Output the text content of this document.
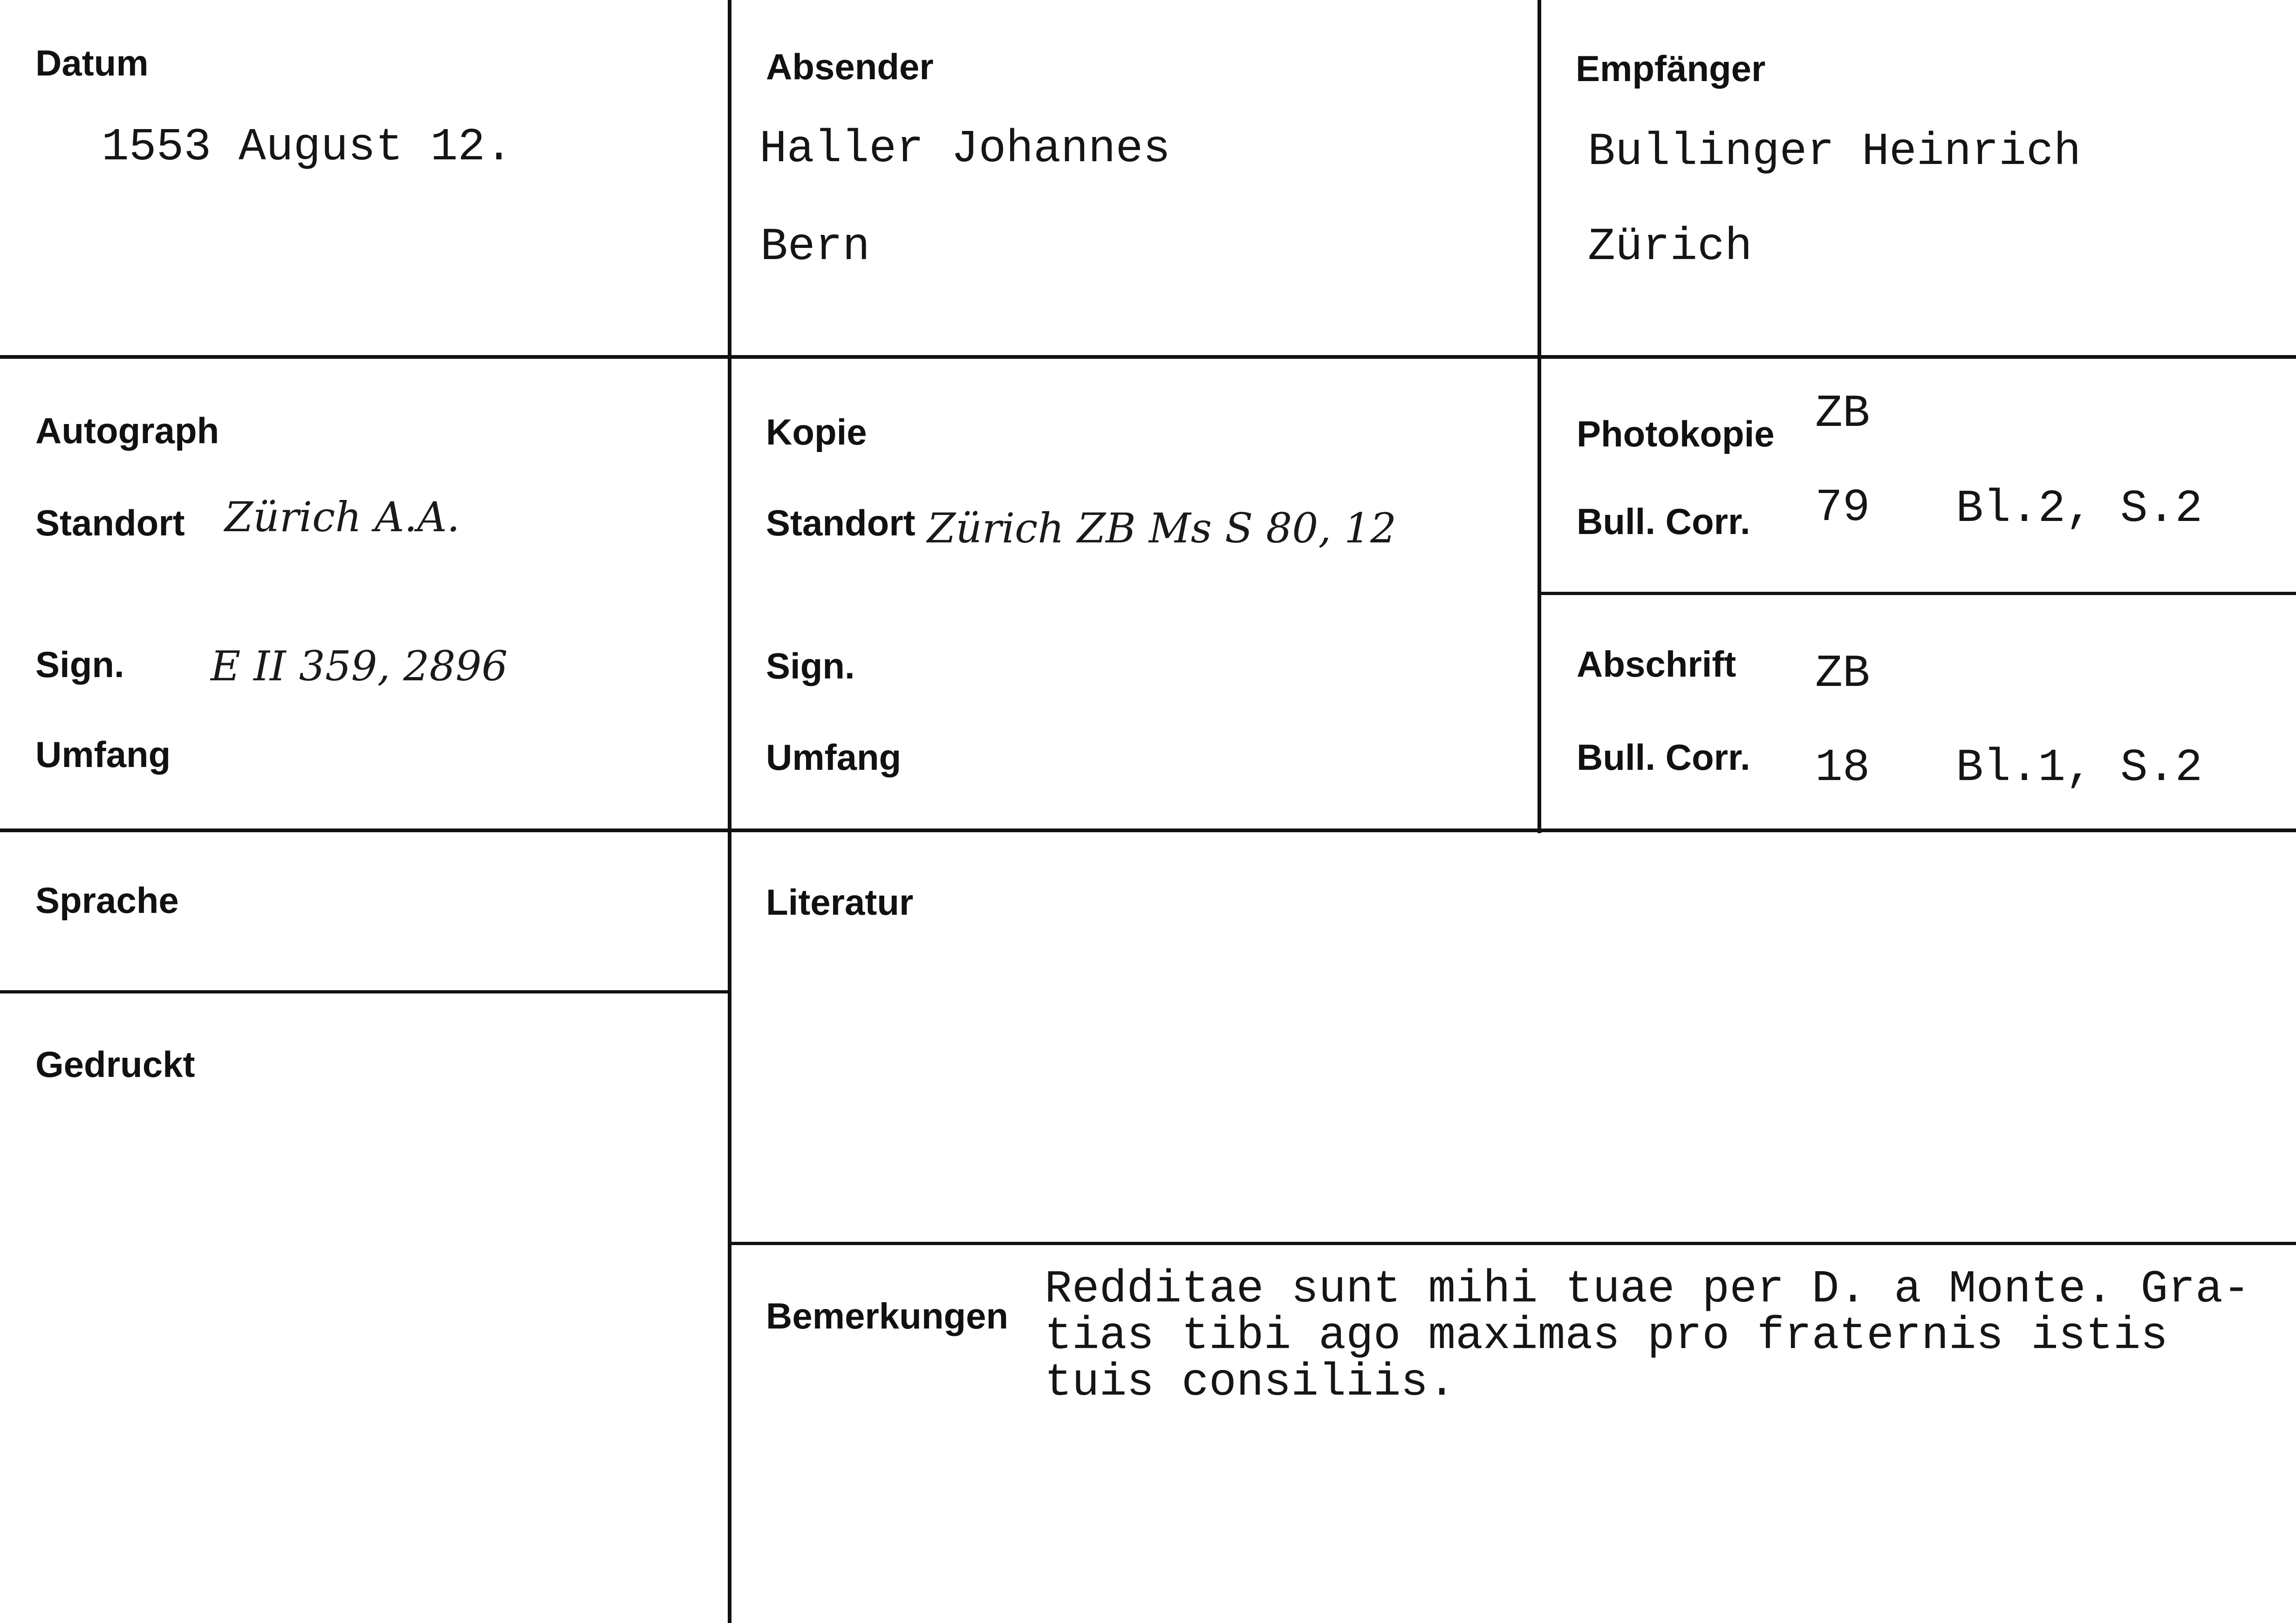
Datum
1553 August 12.
Absender
Haller Johannes
Bern
Empfänger
Bullinger Heinrich
Zürich
Autograph
Standort Zürich A.A.
Sign. E II 359, 2896
Umfang
Kopie
Standort Zürich ZB Ms S 80, 12
Sign.
Umfang
Photokopie ZB
Bull. Corr. 79 Bl.2, S.2
Abschrift ZB
Bull. Corr. 18 Bl.1, S.2
Sprache
Gedruckt
Literatur
Bemerkungen
Redditae sunt mihi tuae per D. a Monte. Gra-
tias tibi ago maximas pro fraternis istis
tuis consiliis.
